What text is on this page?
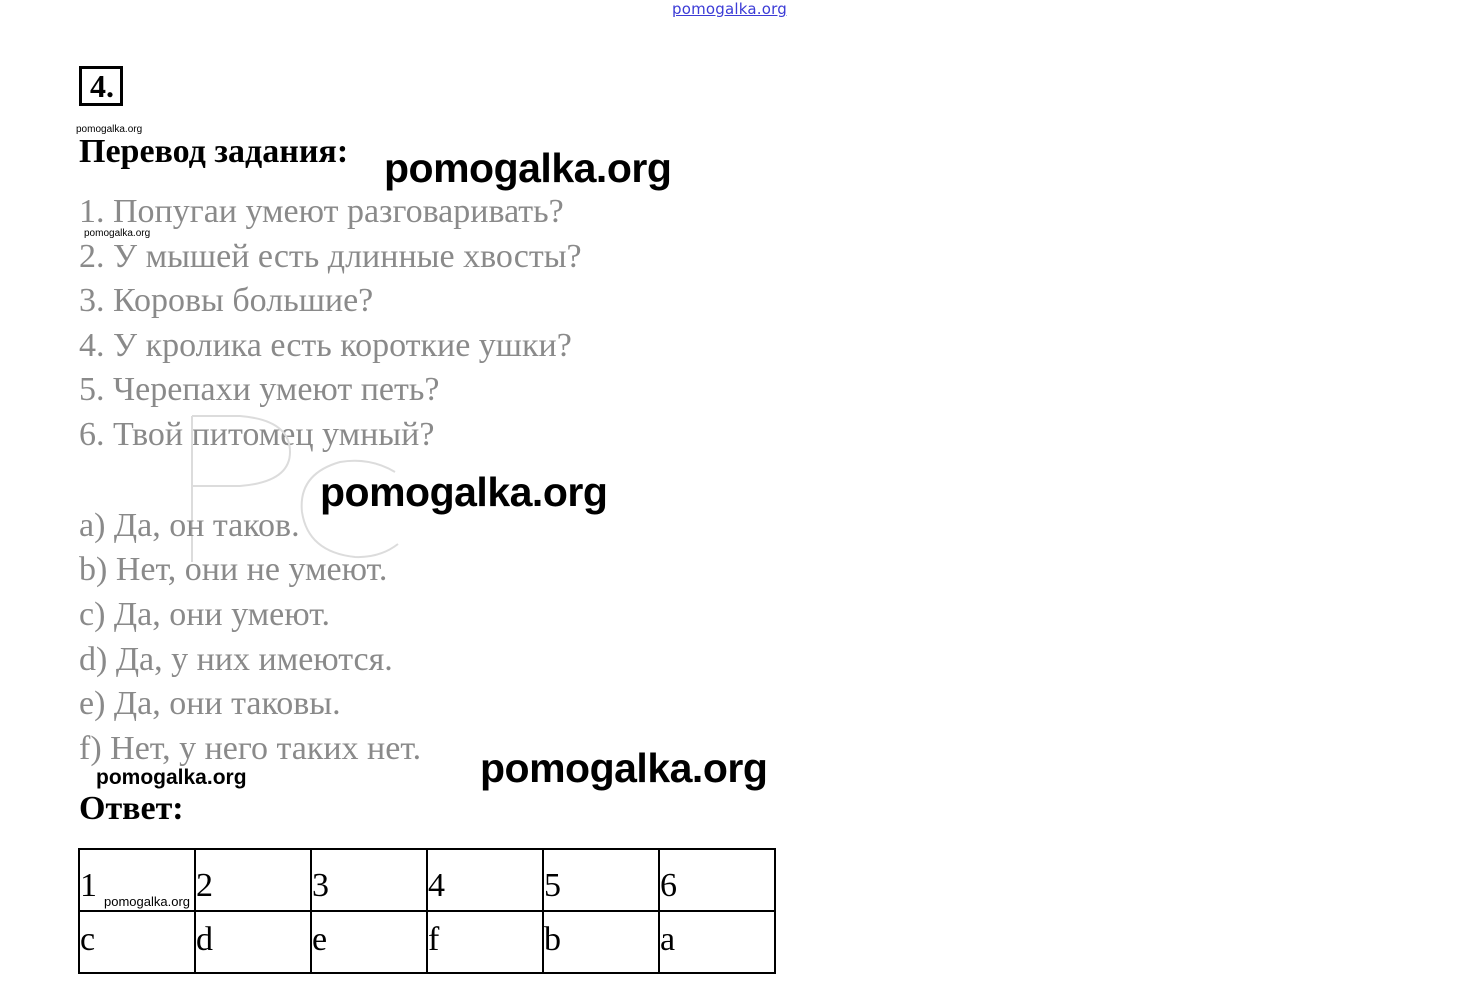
pomogalka.org
4.
pomogalka.org
pomogalka.org
Перевод задания: pomogalka.org
1. Попугаи умеют разговаривать?
2. У мышей есть длинные хвосты?
3. Коровы большие?
4. У кролика есть короткие ушки?
5. Черепахи умеют петь?
6. Твой питомец умный?
pomogalka.org
a) Да, он таков.
b) Нет, они не умеют.
c) Да, они умеют.
d) Да, у них имеются.
e) Да, они таковы.
f) Нет, у него таких нет. pomogalka.org
pomogalka.org
Ответ:
1 pomogalka.org	2	3	4	5	6
c	d	e	f	b	a
